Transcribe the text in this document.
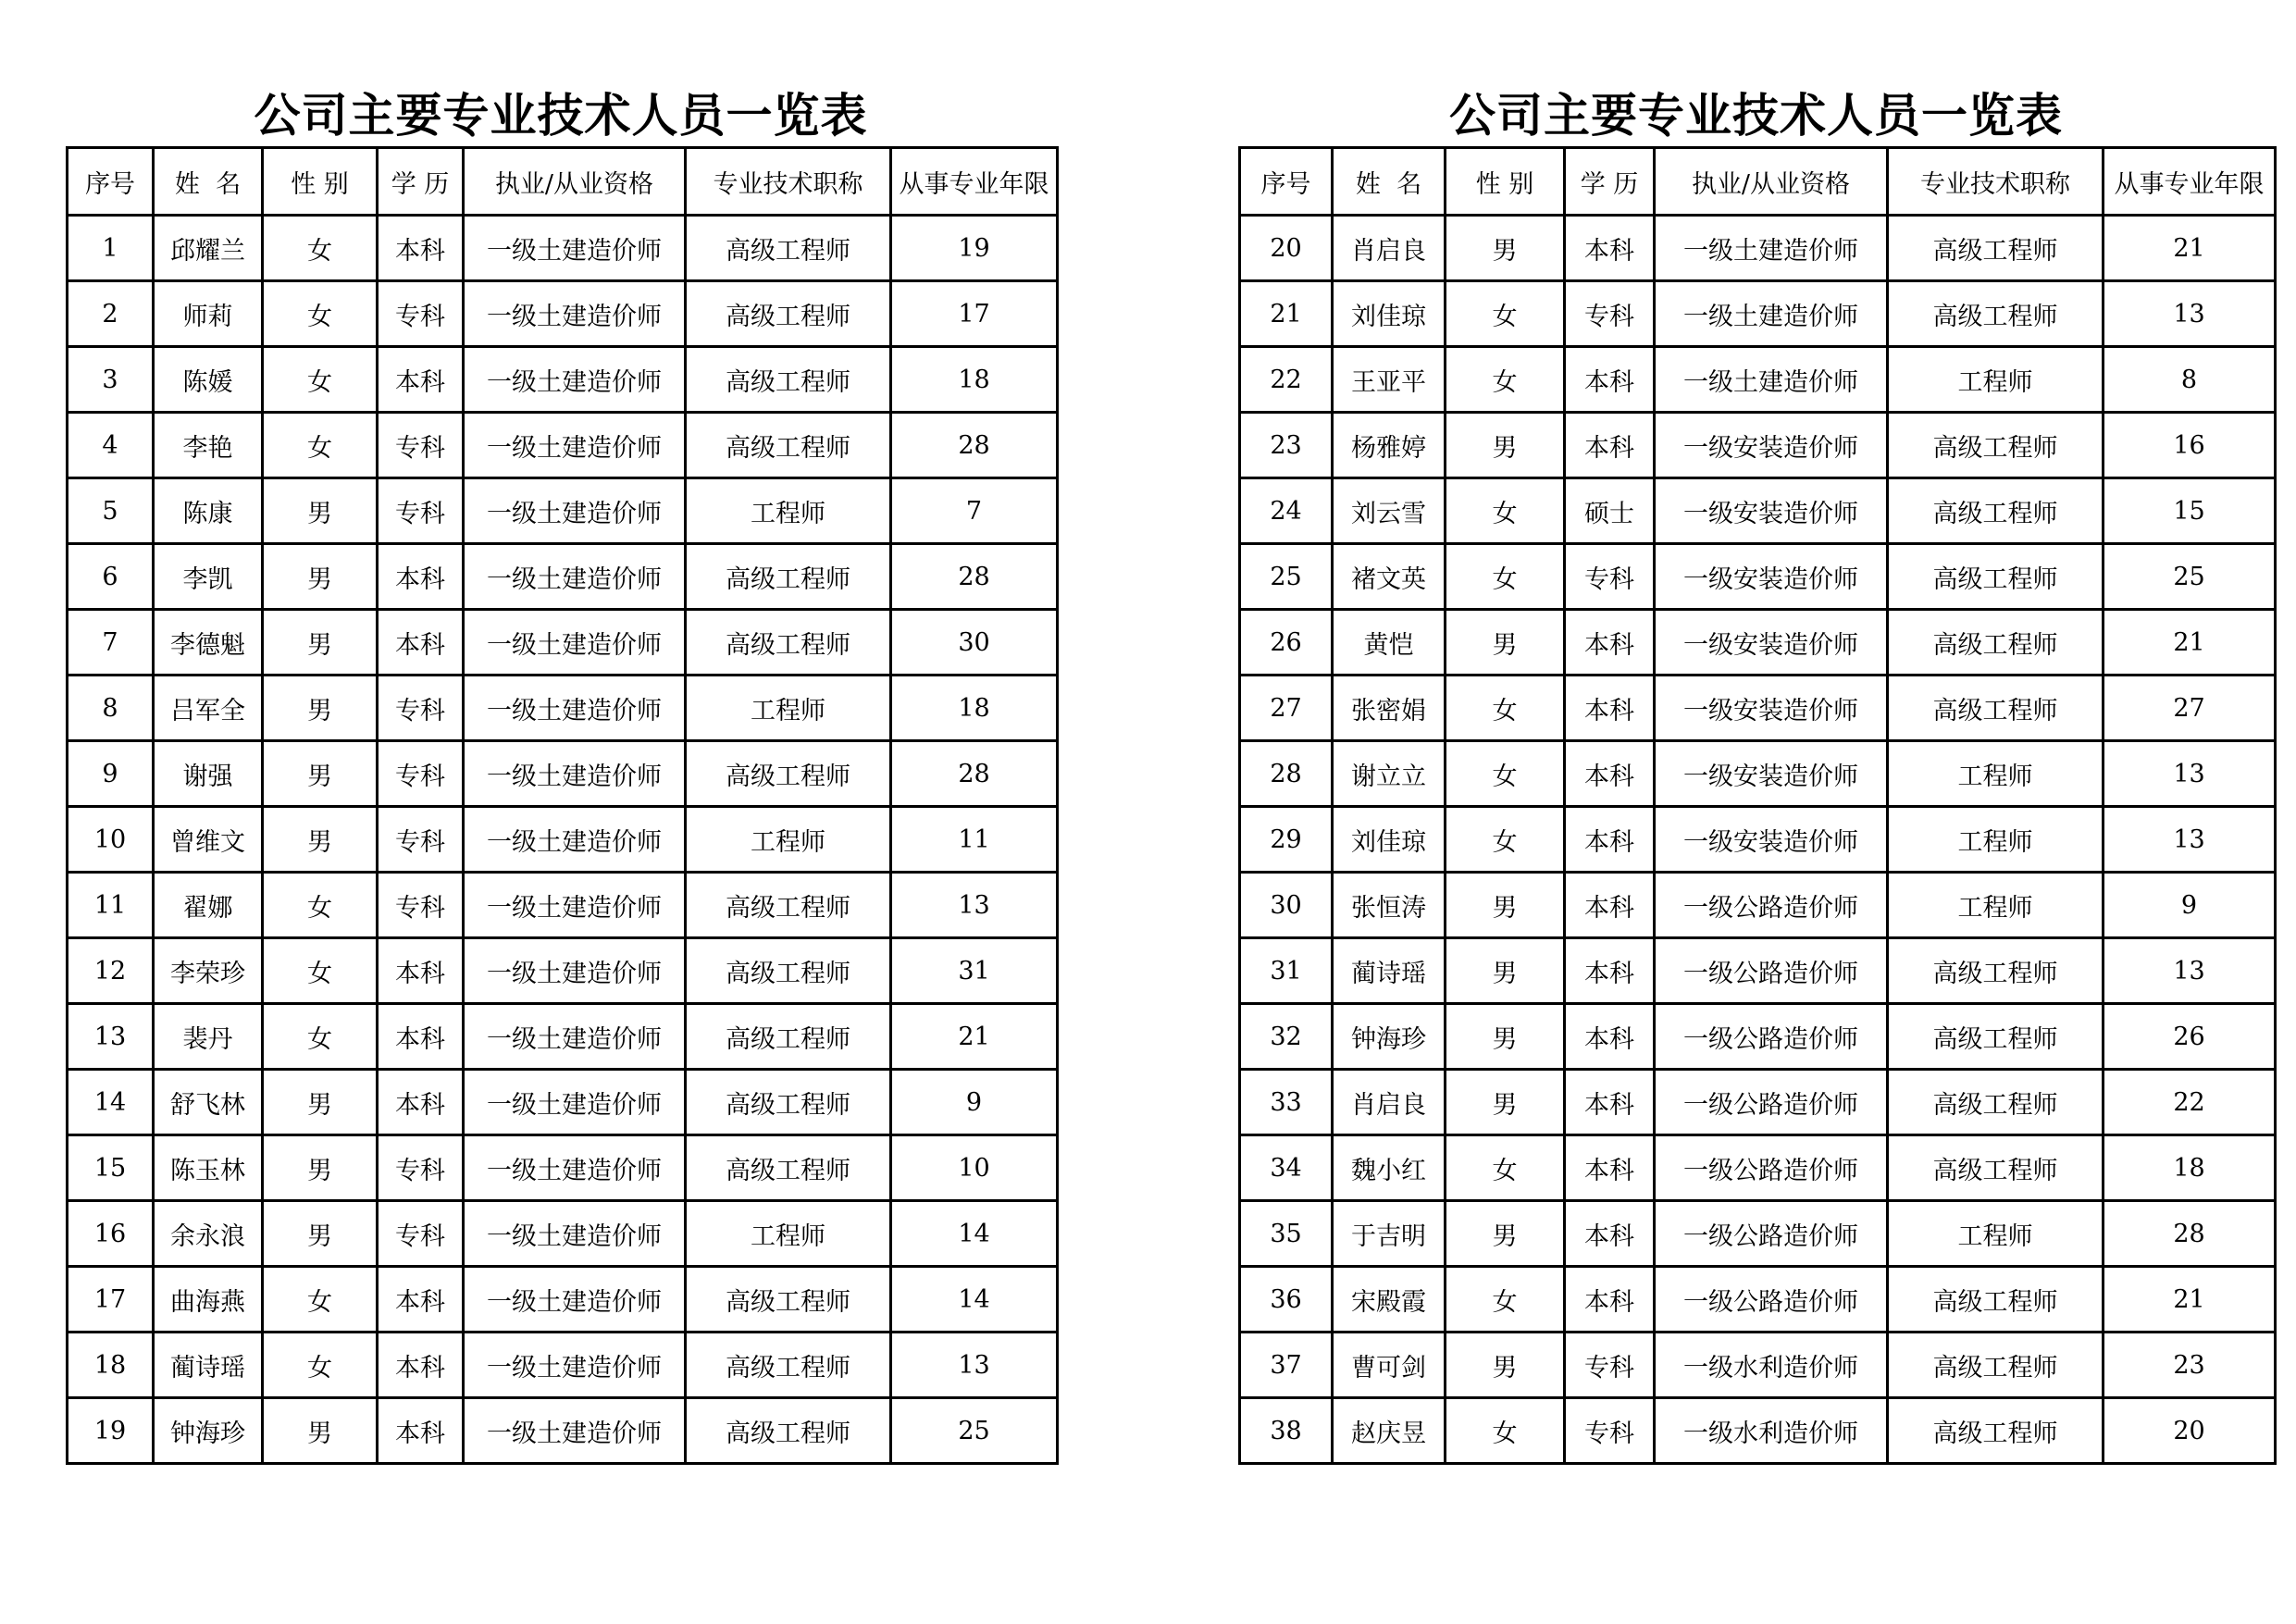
公司主要专业技术人员一览表
序号	姓  名	性 别	学 历	执业/从业资格	专业技术职称	从事专业年限
1	邱耀兰	女	本科	一级土建造价师	高级工程师	19
2	师莉	女	专科	一级土建造价师	高级工程师	17
3	陈媛	女	本科	一级土建造价师	高级工程师	18
4	李艳	女	专科	一级土建造价师	高级工程师	28
5	陈康	男	专科	一级土建造价师	工程师	7
6	李凯	男	本科	一级土建造价师	高级工程师	28
7	李德魁	男	本科	一级土建造价师	高级工程师	30
8	吕军全	男	专科	一级土建造价师	工程师	18
9	谢强	男	专科	一级土建造价师	高级工程师	28
10	曾维文	男	专科	一级土建造价师	工程师	11
11	翟娜	女	专科	一级土建造价师	高级工程师	13
12	李荣珍	女	本科	一级土建造价师	高级工程师	31
13	裴丹	女	本科	一级土建造价师	高级工程师	21
14	舒飞林	男	本科	一级土建造价师	高级工程师	9
15	陈玉林	男	专科	一级土建造价师	高级工程师	10
16	余永浪	男	专科	一级土建造价师	工程师	14
17	曲海燕	女	本科	一级土建造价师	高级工程师	14
18	蔺诗瑶	女	本科	一级土建造价师	高级工程师	13
19	钟海珍	男	本科	一级土建造价师	高级工程师	25
公司主要专业技术人员一览表
序号	姓  名	性 别	学 历	执业/从业资格	专业技术职称	从事专业年限
20	肖启良	男	本科	一级土建造价师	高级工程师	21
21	刘佳琼	女	专科	一级土建造价师	高级工程师	13
22	王亚平	女	本科	一级土建造价师	工程师	8
23	杨雅婷	男	本科	一级安装造价师	高级工程师	16
24	刘云雪	女	硕士	一级安装造价师	高级工程师	15
25	褚文英	女	专科	一级安装造价师	高级工程师	25
26	黄恺	男	本科	一级安装造价师	高级工程师	21
27	张密娟	女	本科	一级安装造价师	高级工程师	27
28	谢立立	女	本科	一级安装造价师	工程师	13
29	刘佳琼	女	本科	一级安装造价师	工程师	13
30	张恒涛	男	本科	一级公路造价师	工程师	9
31	蔺诗瑶	男	本科	一级公路造价师	高级工程师	13
32	钟海珍	男	本科	一级公路造价师	高级工程师	26
33	肖启良	男	本科	一级公路造价师	高级工程师	22
34	魏小红	女	本科	一级公路造价师	高级工程师	18
35	于吉明	男	本科	一级公路造价师	工程师	28
36	宋殿霞	女	本科	一级公路造价师	高级工程师	21
37	曹可剑	男	专科	一级水利造价师	高级工程师	23
38	赵庆昱	女	专科	一级水利造价师	高级工程师	20
